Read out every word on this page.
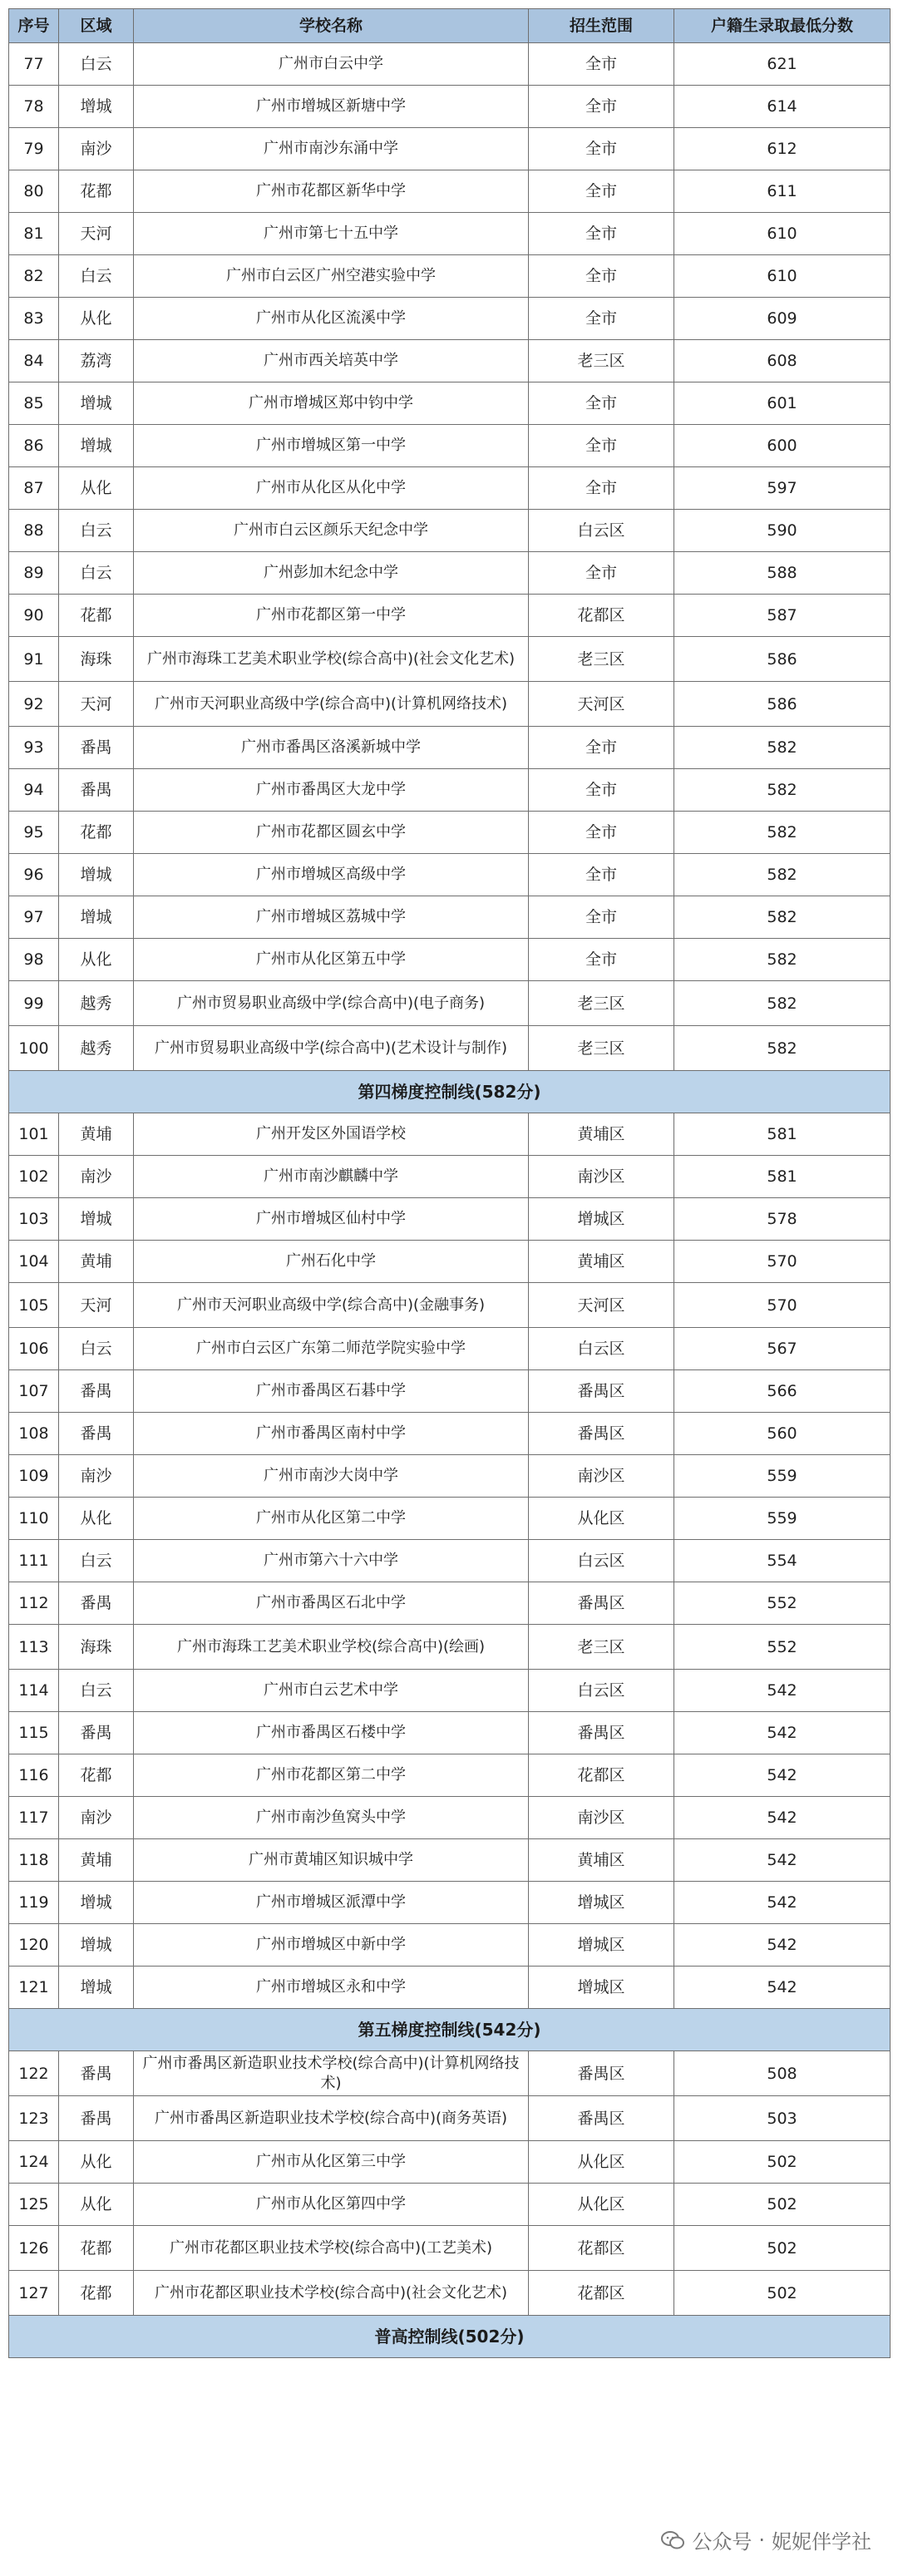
序号	区域	学校名称	招生范围	户籍生录取最低分数
77	白云	广州市白云中学	全市	621
78	增城	广州市增城区新塘中学	全市	614
79	南沙	广州市南沙东涌中学	全市	612
80	花都	广州市花都区新华中学	全市	611
81	天河	广州市第七十五中学	全市	610
82	白云	广州市白云区广州空港实验中学	全市	610
83	从化	广州市从化区流溪中学	全市	609
84	荔湾	广州市西关培英中学	老三区	608
85	增城	广州市增城区郑中钧中学	全市	601
86	增城	广州市增城区第一中学	全市	600
87	从化	广州市从化区从化中学	全市	597
88	白云	广州市白云区颜乐天纪念中学	白云区	590
89	白云	广州彭加木纪念中学	全市	588
90	花都	广州市花都区第一中学	花都区	587
91	海珠	广州市海珠工艺美术职业学校(综合高中)(社会文化艺术)	老三区	586
92	天河	广州市天河职业高级中学(综合高中)(计算机网络技术)	天河区	586
93	番禺	广州市番禺区洛溪新城中学	全市	582
94	番禺	广州市番禺区大龙中学	全市	582
95	花都	广州市花都区圆玄中学	全市	582
96	增城	广州市增城区高级中学	全市	582
97	增城	广州市增城区荔城中学	全市	582
98	从化	广州市从化区第五中学	全市	582
99	越秀	广州市贸易职业高级中学(综合高中)(电子商务)	老三区	582
100	越秀	广州市贸易职业高级中学(综合高中)(艺术设计与制作)	老三区	582
第四梯度控制线(582分)				
101	黄埔	广州开发区外国语学校	黄埔区	581
102	南沙	广州市南沙麒麟中学	南沙区	581
103	增城	广州市增城区仙村中学	增城区	578
104	黄埔	广州石化中学	黄埔区	570
105	天河	广州市天河职业高级中学(综合高中)(金融事务)	天河区	570
106	白云	广州市白云区广东第二师范学院实验中学	白云区	567
107	番禺	广州市番禺区石碁中学	番禺区	566
108	番禺	广州市番禺区南村中学	番禺区	560
109	南沙	广州市南沙大岗中学	南沙区	559
110	从化	广州市从化区第二中学	从化区	559
111	白云	广州市第六十六中学	白云区	554
112	番禺	广州市番禺区石北中学	番禺区	552
113	海珠	广州市海珠工艺美术职业学校(综合高中)(绘画)	老三区	552
114	白云	广州市白云艺术中学	白云区	542
115	番禺	广州市番禺区石楼中学	番禺区	542
116	花都	广州市花都区第二中学	花都区	542
117	南沙	广州市南沙鱼窝头中学	南沙区	542
118	黄埔	广州市黄埔区知识城中学	黄埔区	542
119	增城	广州市增城区派潭中学	增城区	542
120	增城	广州市增城区中新中学	增城区	542
121	增城	广州市增城区永和中学	增城区	542
第五梯度控制线(542分)				
122	番禺	广州市番禺区新造职业技术学校(综合高中)(计算机网络技术)	番禺区	508
123	番禺	广州市番禺区新造职业技术学校(综合高中)(商务英语)	番禺区	503
124	从化	广州市从化区第三中学	从化区	502
125	从化	广州市从化区第四中学	从化区	502
126	花都	广州市花都区职业技术学校(综合高中)(工艺美术)	花都区	502
127	花都	广州市花都区职业技术学校(综合高中)(社会文化艺术)	花都区	502
普高控制线(502分)				
公众号 · 妮妮伴学社
